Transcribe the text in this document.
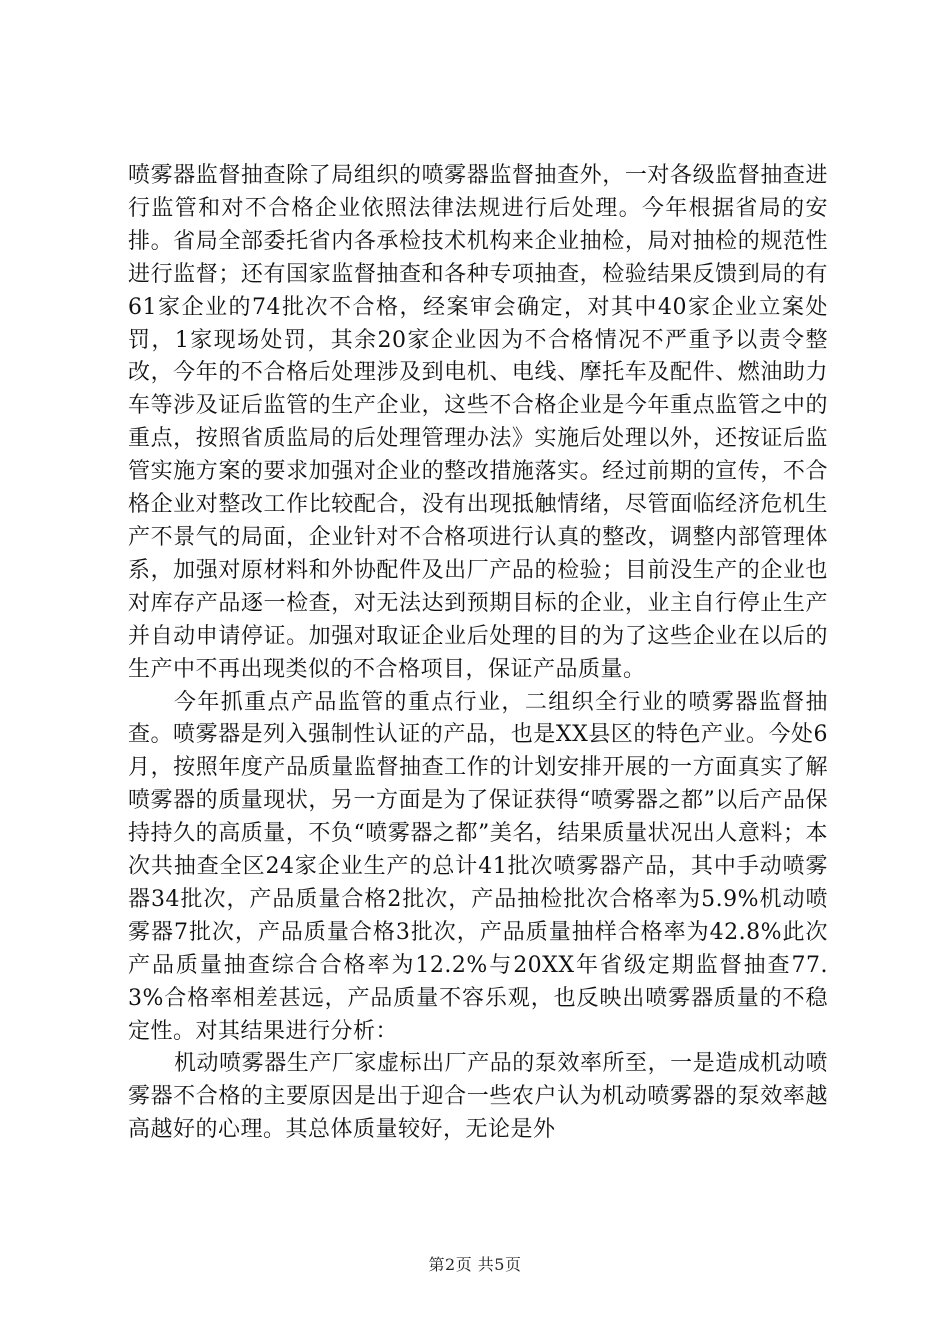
喷雾器监督抽查除了局组织的喷雾器监督抽查外，一对各级监督抽查进行监管和对不合格企业依照法律法规进行后处理。今年根据省局的安排。省局全部委托省内各承检技术机构来企业抽检，局对抽检的规范性进行监督；还有国家监督抽查和各种专项抽查，检验结果反馈到局的有61家企业的74批次不合格，经案审会确定，对其中40家企业立案处罚，1家现场处罚，其余20家企业因为不合格情况不严重予以责令整改，今年的不合格后处理涉及到电机、电线、摩托车及配件、燃油助力车等涉及证后监管的生产企业，这些不合格企业是今年重点监管之中的重点，按照省质监局的后处理管理办法》实施后处理以外，还按证后监管实施方案的要求加强对企业的整改措施落实。经过前期的宣传，不合格企业对整改工作比较配合，没有出现抵触情绪，尽管面临经济危机生产不景气的局面，企业针对不合格项进行认真的整改，调整内部管理体系，加强对原材料和外协配件及出厂产品的检验；目前没生产的企业也对库存产品逐一检查，对无法达到预期目标的企业，业主自行停止生产并自动申请停证。加强对取证企业后处理的目的为了这些企业在以后的生产中不再出现类似的不合格项目，保证产品质量。

今年抓重点产品监管的重点行业，二组织全行业的喷雾器监督抽查。喷雾器是列入强制性认证的产品，也是XX县区的特色产业。今处6月，按照年度产品质量监督抽查工作的计划安排开展的一方面真实了解喷雾器的质量现状，另一方面是为了保证获得“喷雾器之都”以后产品保持持久的高质量，不负“喷雾器之都”美名，结果质量状况出人意料；本次共抽查全区24家企业生产的总计41批次喷雾器产品，其中手动喷雾器34批次，产品质量合格2批次，产品抽检批次合格率为5.9%机动喷雾器7批次，产品质量合格3批次，产品质量抽样合格率为42.8%此次产品质量抽查综合合格率为12.2%与20XX年省级定期监督抽查77.3%合格率相差甚远，产品质量不容乐观，也反映出喷雾器质量的不稳定性。对其结果进行分析：

机动喷雾器生产厂家虚标出厂产品的泵效率所至，一是造成机动喷雾器不合格的主要原因是出于迎合一些农户认为机动喷雾器的泵效率越高越好的心理。其总体质量较好，无论是外

第2页 共5页
